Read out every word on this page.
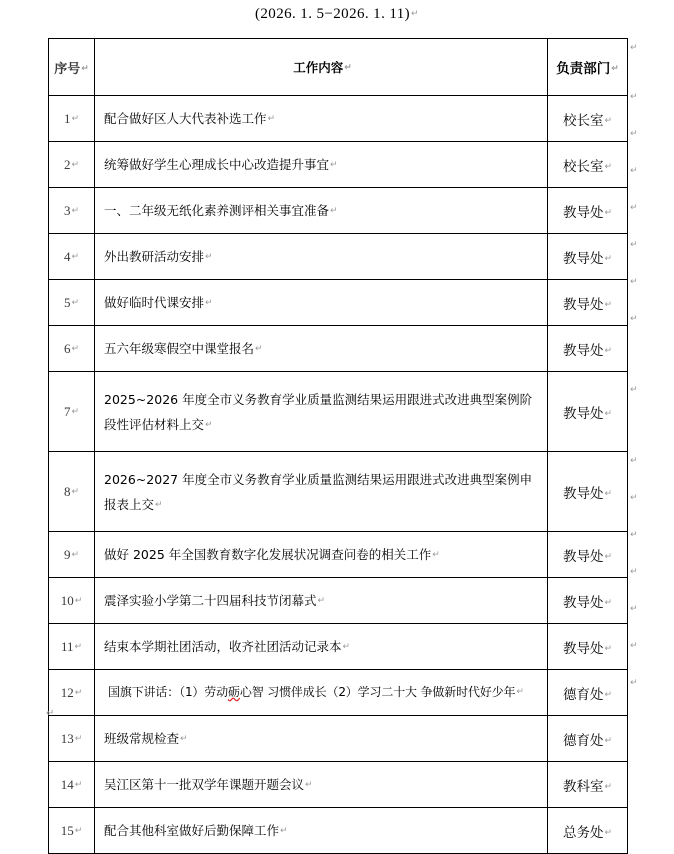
(2026. 1. 5−2026. 1. 11)↵
序号↵	工作内容↵	负责部门↵
1↵	配合做好区人大代表补选工作↵	校长室↵
2↵	统筹做好学生心理成长中心改造提升事宜↵	校长室↵
3↵	一、二年级无纸化素养测评相关事宜准备↵	教导处↵
4↵	外出教研活动安排↵	教导处↵
5↵	做好临时代课安排↵	教导处↵
6↵	五六年级寒假空中课堂报名↵	教导处↵
7↵	2025~2026 年度全市义务教育学业质量监测结果运用跟进式改进典型案例阶段性评估材料上交↵	教导处↵
8↵	2026~2027 年度全市义务教育学业质量监测结果运用跟进式改进典型案例申报表上交↵	教导处↵
9↵	做好 2025 年全国教育数字化发展状况调查问卷的相关工作↵	教导处↵
10↵	震泽实验小学第二十四届科技节闭幕式↵	教导处↵
11↵	结束本学期社团活动，收齐社团活动记录本↵	教导处↵
12↵	国旗下讲话：（1）劳动砺心智 习惯伴成长（2）学习二十大 争做新时代好少年↵	德育处↵
13↵	班级常规检查↵	德育处↵
14↵	吴江区第十一批双学年课题开题会议↵	教科室↵
15↵	配合其他科室做好后勤保障工作↵	总务处↵
↵
↵
↵
↵
↵
↵
↵
↵
↵
↵
↵
↵
↵
↵
↵
↵
↵
